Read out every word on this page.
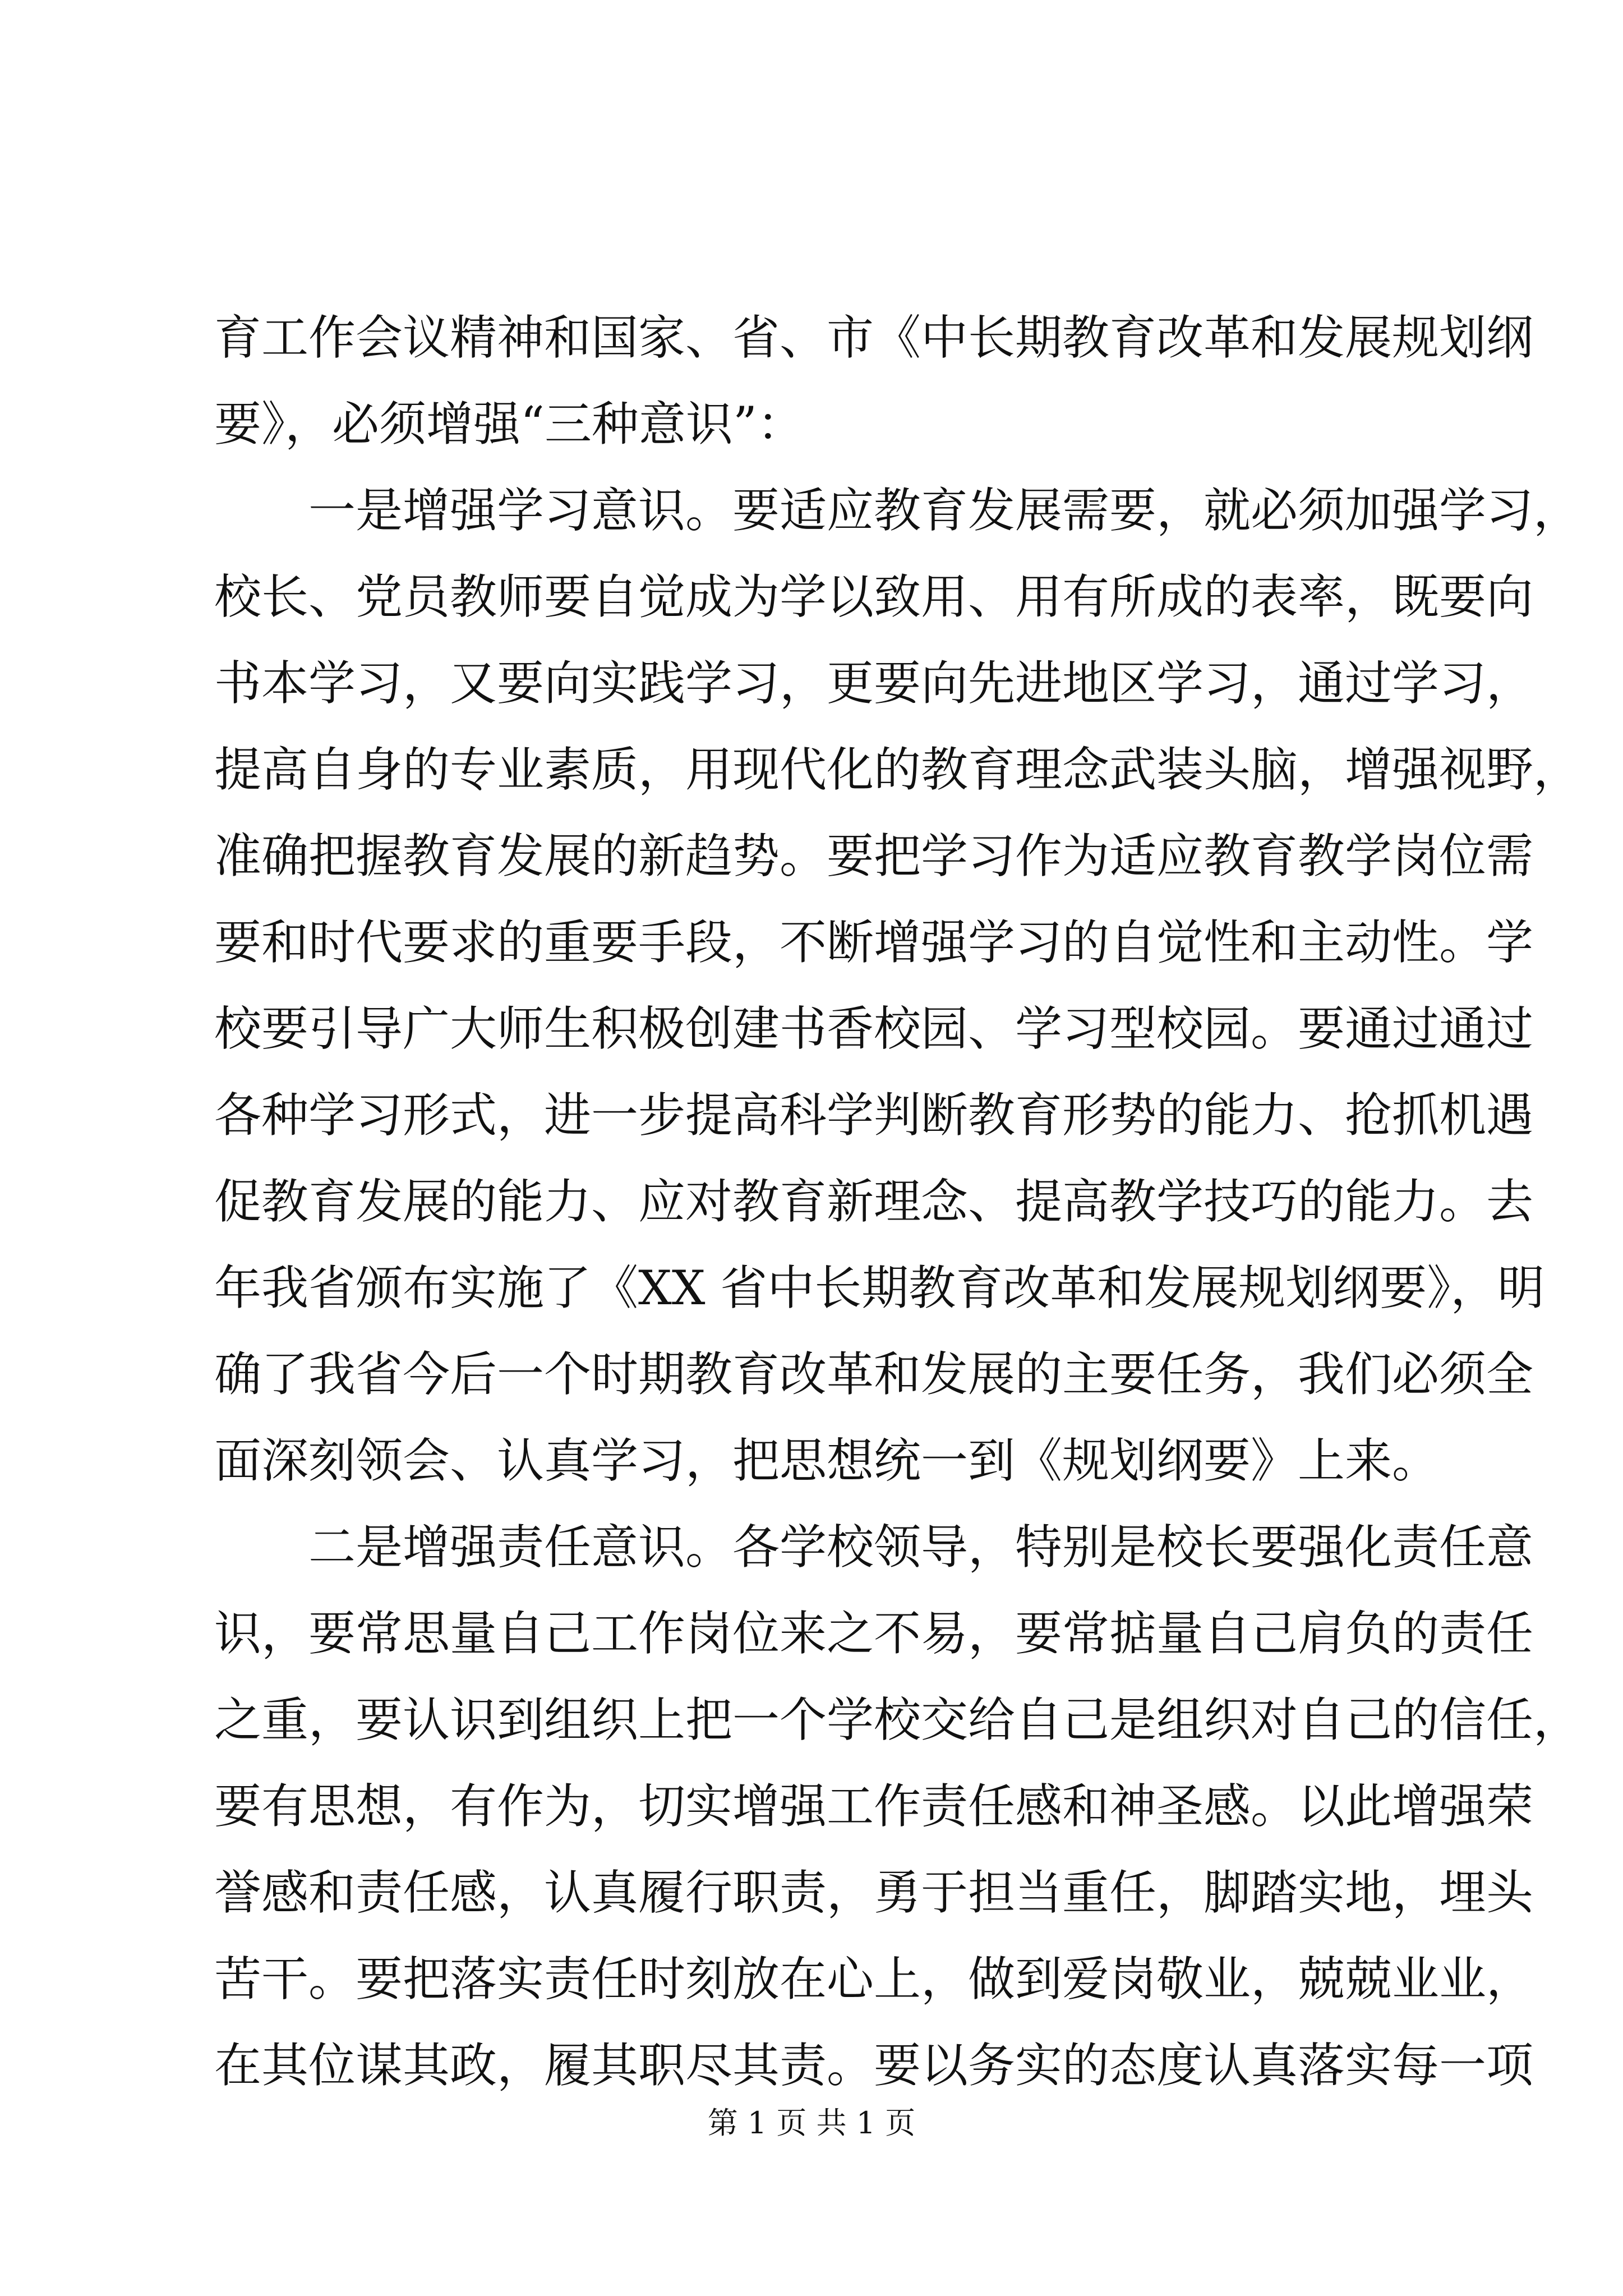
育工作会议精神和国家、省、市《中长期教育改革和发展规划纲
要》，必须增强“三种意识”：
一是增强学习意识。要适应教育发展需要，就必须加强学习，
校长、党员教师要自觉成为学以致用、用有所成的表率，既要向
书本学习，又要向实践学习，更要向先进地区学习，通过学习，
提高自身的专业素质，用现代化的教育理念武装头脑，增强视野，
准确把握教育发展的新趋势。要把学习作为适应教育教学岗位需
要和时代要求的重要手段，不断增强学习的自觉性和主动性。学
校要引导广大师生积极创建书香校园、学习型校园。要通过通过
各种学习形式，进一步提高科学判断教育形势的能力、抢抓机遇
促教育发展的能力、应对教育新理念、提高教学技巧的能力。去
年我省颁布实施了《XX 省中长期教育改革和发展规划纲要》，明
确了我省今后一个时期教育改革和发展的主要任务，我们必须全
面深刻领会、认真学习，把思想统一到《规划纲要》上来。
二是增强责任意识。各学校领导，特别是校长要强化责任意
识，要常思量自己工作岗位来之不易，要常掂量自己肩负的责任
之重，要认识到组织上把一个学校交给自己是组织对自己的信任，
要有思想，有作为，切实增强工作责任感和神圣感。以此增强荣
誉感和责任感，认真履行职责，勇于担当重任，脚踏实地，埋头
苦干。要把落实责任时刻放在心上，做到爱岗敬业，兢兢业业，
在其位谋其政，履其职尽其责。要以务实的态度认真落实每一项
第 1 页 共 1 页
